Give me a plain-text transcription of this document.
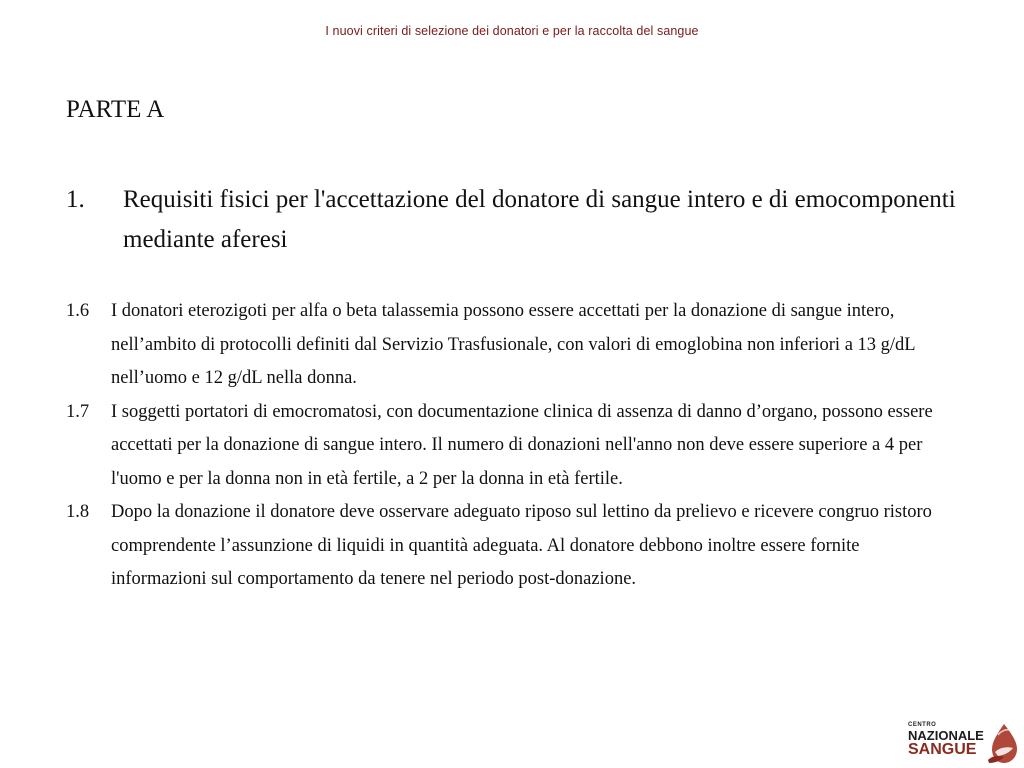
I nuovi criteri di selezione dei donatori e per la raccolta del sangue
PARTE A
1. Requisiti fisici per l'accettazione del donatore di sangue intero e di emocomponenti mediante aferesi
1.6 I donatori eterozigoti per alfa o beta talassemia possono essere accettati per la donazione di sangue intero, nell’ambito di protocolli definiti dal Servizio Trasfusionale, con valori di emoglobina non inferiori a 13 g/dL nell’uomo e 12 g/dL nella donna.
1.7 I soggetti portatori di emocromatosi, con documentazione clinica di assenza di danno d’organo, possono essere accettati per la donazione di sangue intero. Il numero di donazioni nell'anno non deve essere superiore a 4 per l'uomo e per la donna non in età fertile, a 2 per la donna in età fertile.
1.8 Dopo la donazione il donatore deve osservare adeguato riposo sul lettino da prelievo e ricevere congruo ristoro comprendente l’assunzione di liquidi in quantità adeguata. Al donatore debbono inoltre essere fornite informazioni sul comportamento da tenere nel periodo post-donazione.
CENTRO
NAZIONALE
SANGUE
